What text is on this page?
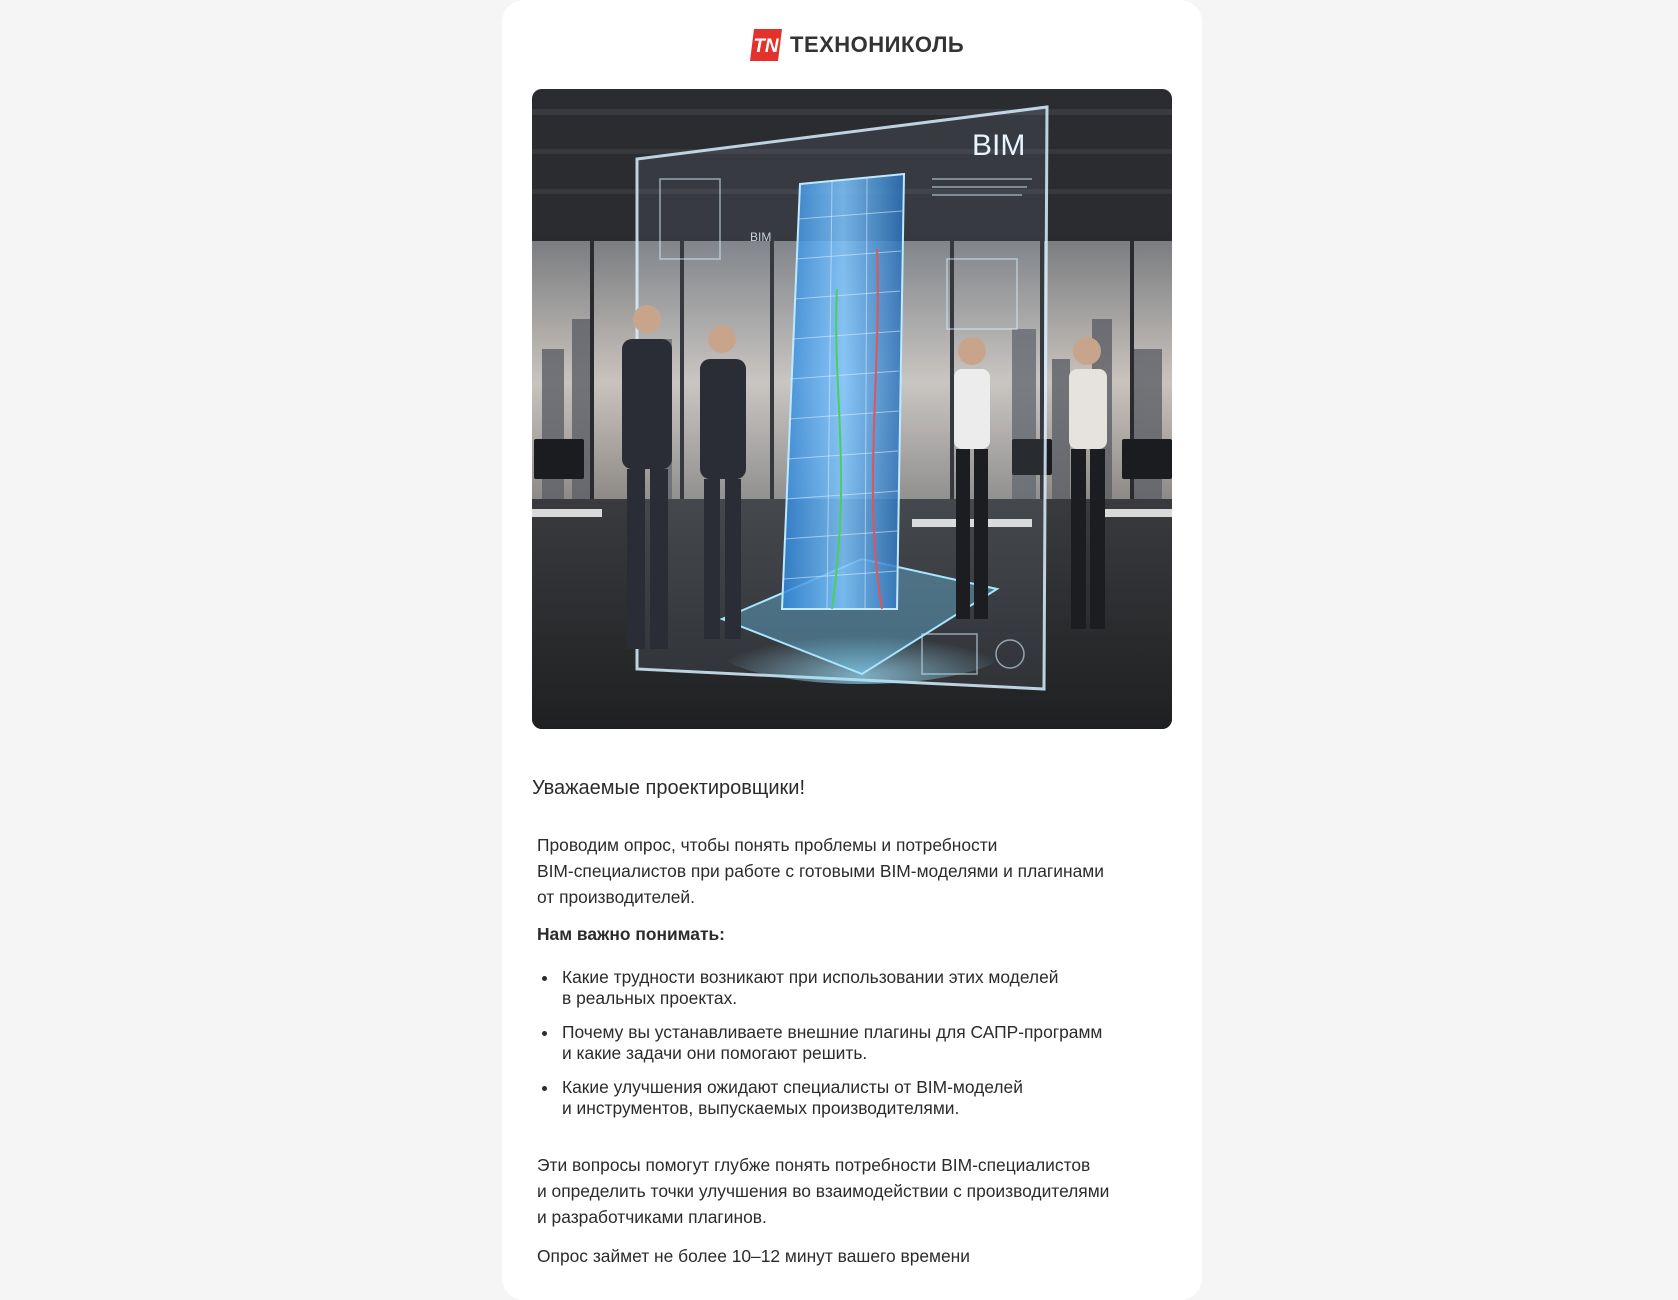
TN ТЕХНОНИКОЛЬ
BIM
BIM
Уважаемые проектировщики!

Проводим опрос, чтобы понять проблемы и потребности
BIM-специалистов при работе с готовыми BIM-моделями и плагинами
от производителей.

Нам важно понимать:

Какие трудности возникают при использовании этих моделей
в реальных проектах.
Почему вы устанавливаете внешние плагины для САПР-программ
и какие задачи они помогают решить.
Какие улучшения ожидают специалисты от BIM-моделей
и инструментов, выпускаемых производителями.

Эти вопросы помогут глубже понять потребности BIM-специалистов
и определить точки улучшения во взаимодействии с производителями
и разработчиками плагинов.

Опрос займет не более 10–12 минут вашего времени
